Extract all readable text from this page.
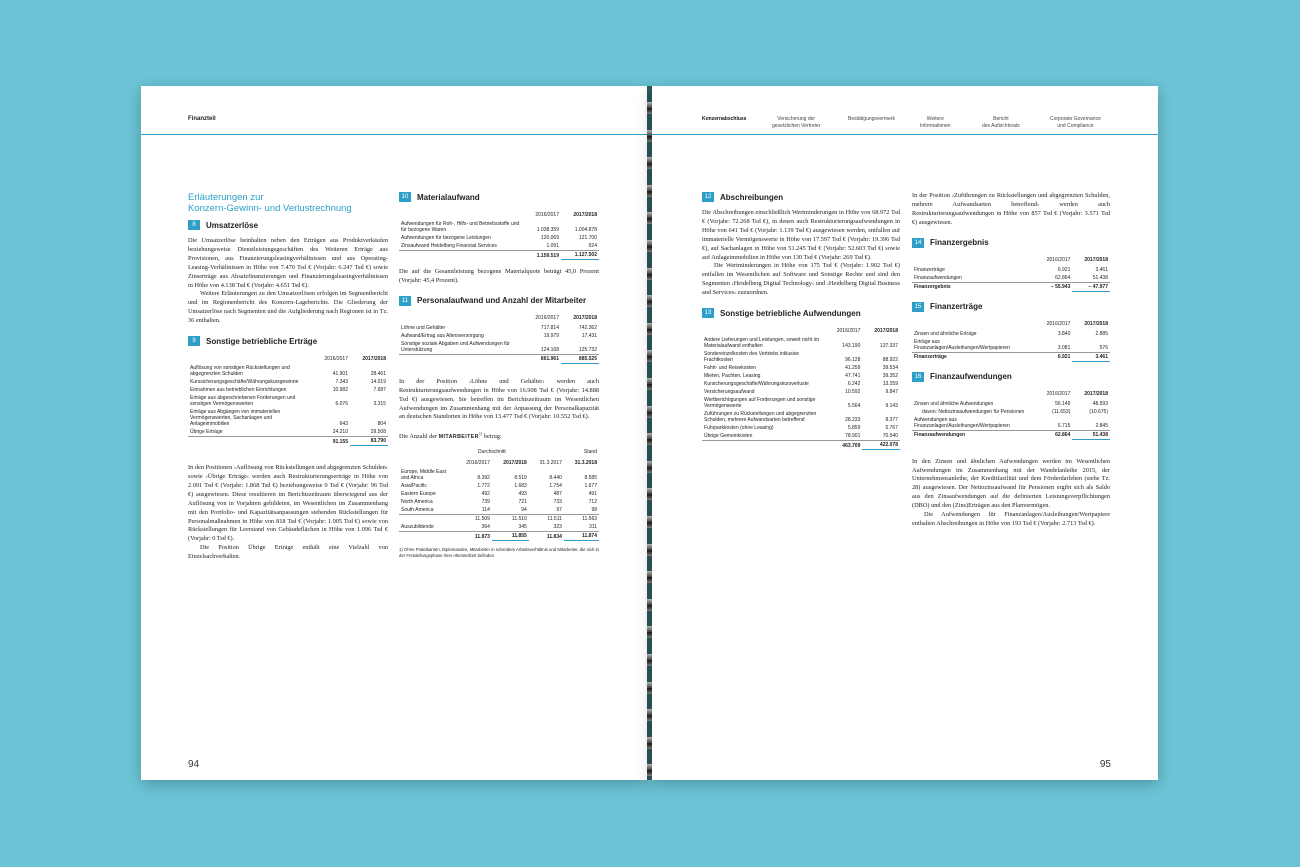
Finanzteil
Erläuterungen zur
Konzern-Gewinn- und Verlustrechnung
8	Umsatzerlöse

Die Umsatzerlöse beinhalten neben den Erträgen aus Produktverkäufen beziehungsweise Dienstleistungsgeschäften des Weiteren Erträge aus Provisionen, aus Finanzierungsleasingverhältnissen und aus Operating-Leasing-Verhältnissen in Höhe von 7.470 Tsd € (Vorjahr: 6.247 Tsd €) sowie Zinserträge aus Absatzfinanzierungen und Finanzierungsleasingverhältnissen in Höhe von 4.138 Tsd € (Vorjahr: 4.651 Tsd €).

Weitere Erläuterungen zu den Umsatzerlösen erfolgen im Segmentbericht und im Regionenbericht des Konzern-Lageberichts. Die Gliederung der Umsatzerlöse nach Segmenten und die Aufgliederung nach Regionen ist in Tz. 36 enthalten.

9	Sonstige betriebliche Erträge
	2016/2017	2017/2018
Auflösung von sonstigen Rückstellungen und abgegrenzten Schulden	41.901	28.461
Kurssicherungsgeschäfte/Währungskursgewinne	7.343	14.019
Einnahmen aus betrieblichen Einrichtungen	10.982	7.687
Erträge aus abgeschriebenen Forderungen und sonstigen Vermögenswerten	6.076	3.315
Erträge aus Abgängen von immateriellen Vermögenswerten, Sachanlagen und Anlageimmobilien	643	804
Übrige Erträge	24.210	29.508
	91.155	83.790

In den Positionen ›Auflösung von Rückstellungen und abgegrenzten Schulden‹ sowie ›Übrige Erträge‹ werden auch Restrukturierungserträge in Höhe von 2.091 Tsd € (Vorjahr: 1.868 Tsd €) beziehungsweise 0 Tsd € (Vorjahr: 96 Tsd €) ausgewiesen. Diese resultieren im Berichtszeitraum überwiegend aus der Auflösung von in Vorjahren gebildeten, im Wesentlichen im Zusammenhang mit den Portfolio- und Kapazitätsanpassungen stehenden Rückstellungen für Personalmaßnahmen in Höhe von 818 Tsd € (Vorjahr: 1.905 Tsd €) sowie von Rückstellungen für Leerstand von Gebäudeflächen in Höhe von 1.096 Tsd € (Vorjahr: 0 Tsd €).

Die Position Übrige Erträge enthält eine Vielzahl von Einzelsachverhalten.

10	Materialaufwand
	2016/2017	2017/2018
Aufwendungen für Roh-, Hilfs- und Betriebsstoffe und für bezogene Waren	1.038.359	1.004.878
Aufwendungen für bezogene Leistungen	120.069	121.700
Zinsaufwand Heidelberg Financial Services	1.091	924
	1.159.519	1.127.502

Die auf die Gesamtleistung bezogene Materialquote beträgt 45,0 Prozent (Vorjahr: 45,4 Prozent).

11	Personalaufwand und Anzahl der Mitarbeiter
	2016/2017	2017/2018
Löhne und Gehälter	717.814	742.362
Aufwand/Ertrag aus Altersversorgung	19.979	17.431
Sonstige soziale Abgaben und Aufwendungen für Unterstützung	124.168	125.732
	861.961	885.525

In der Position ›Löhne und Gehälter‹ werden auch Restrukturierungsaufwendungen in Höhe von 16.908 Tsd € (Vorjahr: 14.888 Tsd €) ausgewiesen. Sie betreffen im Berichtszeitraum im Wesentlichen Aufwendungen im Zusammenhang mit der Anpassung der Personalkapazität an deutschen Standorten in Höhe von 13.477 Tsd € (Vorjahr: 10.552 Tsd €).

Die Anzahl der MITARBEITER$^{1)}$ betrug:

	Durchschnitt		Stand	
	2016/2017	2017/2018	31.3.2017	31.3.2018
Europe, Middle East and Africa	8.392	8.519	8.440	8.585
Asia/Pacific	1.772	1.683	1.754	1.677
Eastern Europe	492	493	487	491
North America	739	721	733	712
South America	114	94	97	98
	11.509	11.510	11.511	11.563
Auszubildende	364	345	323	311
	11.873	11.855	11.834	11.874
1) Ohne Praktikanten, Diplomanden, Mitarbeiter in ruhendem Arbeitsverhältnis und Mitarbeiter, die sich in der Freistellungsphase ihrer Altersteilzeit befinden
94
Konzernabschluss	Versicherung der
gesetzlichen Vertreter
Bestätigungsvermerk	Weitere
Informationen
Bericht
des Aufsichtsrats
Corporate Governance
und Compliance
12	Abschreibungen

Die Abschreibungen einschließlich Wertminderungen in Höhe von 68.972 Tsd € (Vorjahr: 72.268 Tsd €), in denen auch Restrukturierungsaufwendungen in Höhe von 641 Tsd € (Vorjahr: 1.139 Tsd €) ausgewiesen werden, entfallen auf immaterielle Vermögenswerte in Höhe von 17.597 Tsd € (Vorjahr: 19.396 Tsd €), auf Sachanlagen in Höhe von 51.245 Tsd € (Vorjahr: 52.603 Tsd €) sowie auf Anlageimmobilien in Höhe von 130 Tsd € (Vorjahr: 269 Tsd €).

Die Wertminderungen in Höhe von 175 Tsd € (Vorjahr: 1.902 Tsd €) entfallen im Wesentlichen auf Software und Sonstige Rechte und sind den Segmenten ›Heidelberg Digital Technology‹ und ›Heidelberg Digital Business and Services‹ zuzuordnen.

13	Sonstige betriebliche Aufwendungen
	2016/2017	2017/2018
Andere Lieferungen und Leistungen, soweit nicht im Materialaufwand enthalten	143.190	137.337
Sondereinzelkosten des Vertriebs inklusive Frachtkosten	96.128	88.922
Fahrt- und Reisekosten	41.259	39.534
Mieten, Pachten, Leasing	47.741	39.352
Kursicherungsgeschäfte/Währungskursverluste	6.242	13.259
Versicherungsaufwand	10.592	9.847
Wertberichtigungen auf Forderungen und sonstige Vermögenswerte	5.564	9.143
Zuführungen zu Rückstellungen und abgegrenzten Schulden, mehrere Aufwandsarten betreffend	28.233	8.377
Fuhrparkkosten (ohne Leasing)	5.859	5.767
Übrige Gemeinkosten	78.901	70.540
	463.709	422.078

In der Position ›Zuführungen zu Rückstellungen und abgegrenzten Schulden, mehrere Aufwandsarten betreffend‹ werden auch Restrukturierungsaufwendungen in Höhe von 857 Tsd € (Vorjahr: 3.571 Tsd €) ausgewiesen.

14	Finanzergebnis
	2016/2017	2017/2018
Finanzerträge	6.921	3.461
Finanzaufwendungen	62.864	51.438
Finanzergebnis	– 55.943	– 47.977
15	Finanzerträge
	2016/2017	2017/2018
Zinsen und ähnliche Erträge	3.840	2.885
Erträge aus Finanzanlagen/Ausleihungen/Wertpapieren	3.081	576
Finanzerträge	6.921	3.461
16	Finanzaufwendungen
	2016/2017	2017/2018
Zinsen und ähnliche Aufwendungen	56.149	48.593
davon: Nettozinsaufwendungen für Pensionen	(11.653)	(10.675)
Aufwendungen aus Finanzanlagen/Ausleihungen/Wertpapieren	6.715	2.845
Finanzaufwendungen	62.864	51.438

In den Zinsen und ähnlichen Aufwendungen werden im Wesentlichen Aufwendungen im Zusammenhang mit der Wandelanleihe 2015, der Unternehmensanleihe, der Kreditfazilität und dem Förderdarlehen (siehe Tz. 28) ausgewiesen. Der Nettozinsaufwand für Pensionen ergibt sich als Saldo aus den Zinsaufwendungen auf die definierten Leistungsverpflichtungen (DBO) und den (Zins)Erträgen aus den Planvermögen.

Die Aufwendungen für Finanzanlagen/Ausleihungen/Wertpapiere enthalten Abschreibungen in Höhe von 193 Tsd € (Vorjahr: 2.713 Tsd €).

95
